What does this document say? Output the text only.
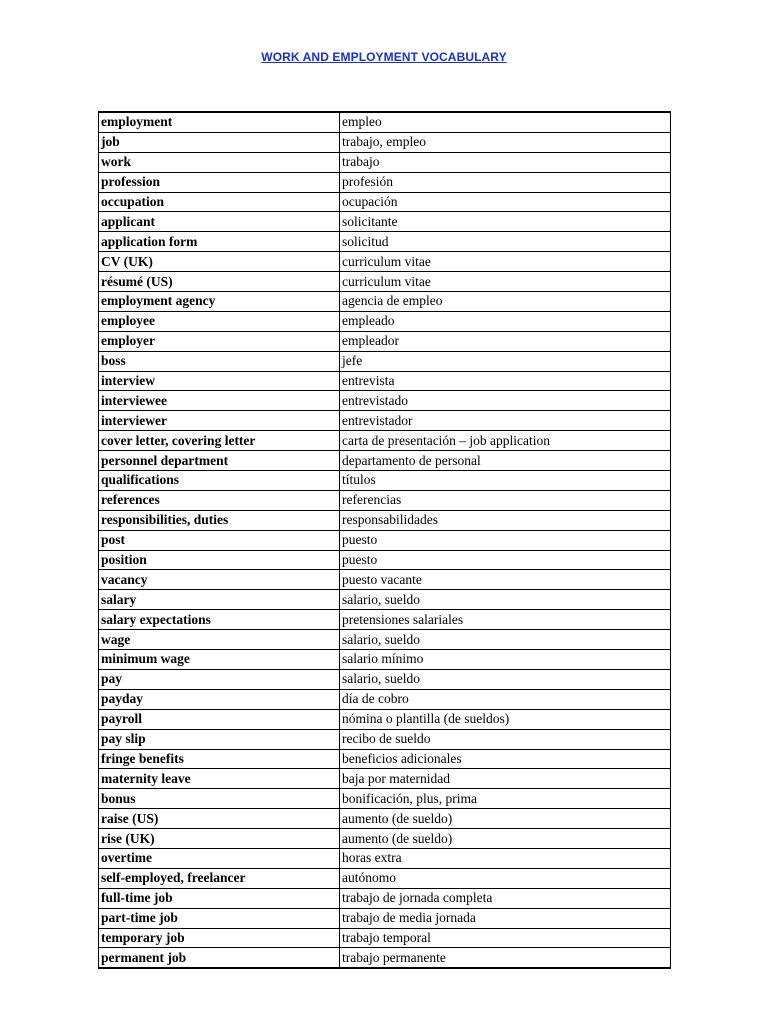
WORK AND EMPLOYMENT VOCABULARY
employment	empleo
job	trabajo, empleo
work	trabajo
profession	profesión
occupation	ocupación
applicant	solicitante
application form	solicitud
CV (UK)	curriculum vitae
résumé (US)	curriculum vitae
employment agency	agencia de empleo
employee	empleado
employer	empleador
boss	jefe
interview	entrevista
interviewee	entrevistado
interviewer	entrevistador
cover letter, covering letter	carta de presentación – job application
personnel department	departamento de personal
qualifications	títulos
references	referencias
responsibilities, duties	responsabilidades
post	puesto
position	puesto
vacancy	puesto vacante
salary	salario, sueldo
salary expectations	pretensiones salariales
wage	salario, sueldo
minimum wage	salario mínimo
pay	salario, sueldo
payday	día de cobro
payroll	nómina o plantilla (de sueldos)
pay slip	recibo de sueldo
fringe benefits	beneficios adicionales
maternity leave	baja por maternidad
bonus	bonificación, plus, prima
raise (US)	aumento (de sueldo)
rise (UK)	aumento (de sueldo)
overtime	horas extra
self-employed, freelancer	autónomo
full-time job	trabajo de jornada completa
part-time job	trabajo de media jornada
temporary job	trabajo temporal
permanent job	trabajo permanente
